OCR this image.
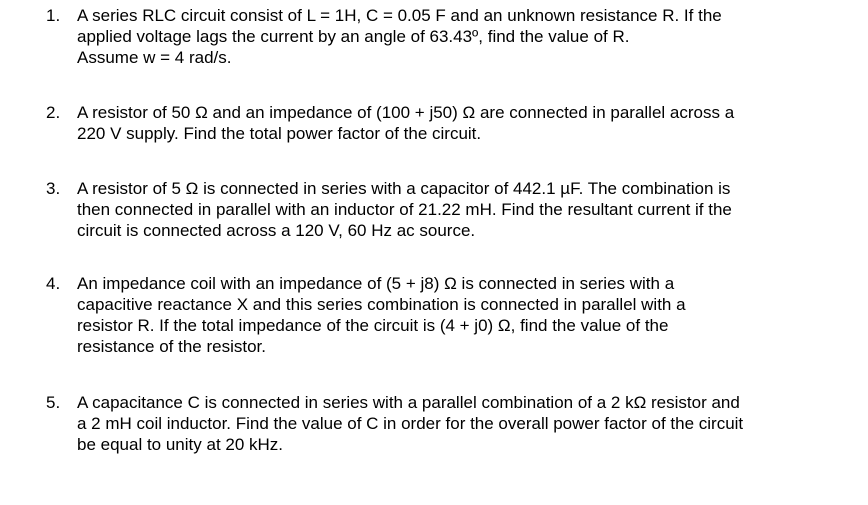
1. A series RLC circuit consist of L = 1H, C = 0.05 F and an unknown resistance R. If the
applied voltage lags the current by an angle of 63.43º, find the value of R.
Assume w = 4 rad/s.
2. A resistor of 50 Ω and an impedance of (100 + j50) Ω are connected in parallel across a
220 V supply. Find the total power factor of the circuit.
3. A resistor of 5 Ω is connected in series with a capacitor of 442.1 µF. The combination is
then connected in parallel with an inductor of 21.22 mH. Find the resultant current if the
circuit is connected across a 120 V, 60 Hz ac source.
4. An impedance coil with an impedance of (5 + j8) Ω is connected in series with a
capacitive reactance X and this series combination is connected in parallel with a
resistor R. If the total impedance of the circuit is (4 + j0) Ω, find the value of the
resistance of the resistor.
5. A capacitance C is connected in series with a parallel combination of a 2 kΩ resistor and
a 2 mH coil inductor. Find the value of C in order for the overall power factor of the circuit
be equal to unity at 20 kHz.
